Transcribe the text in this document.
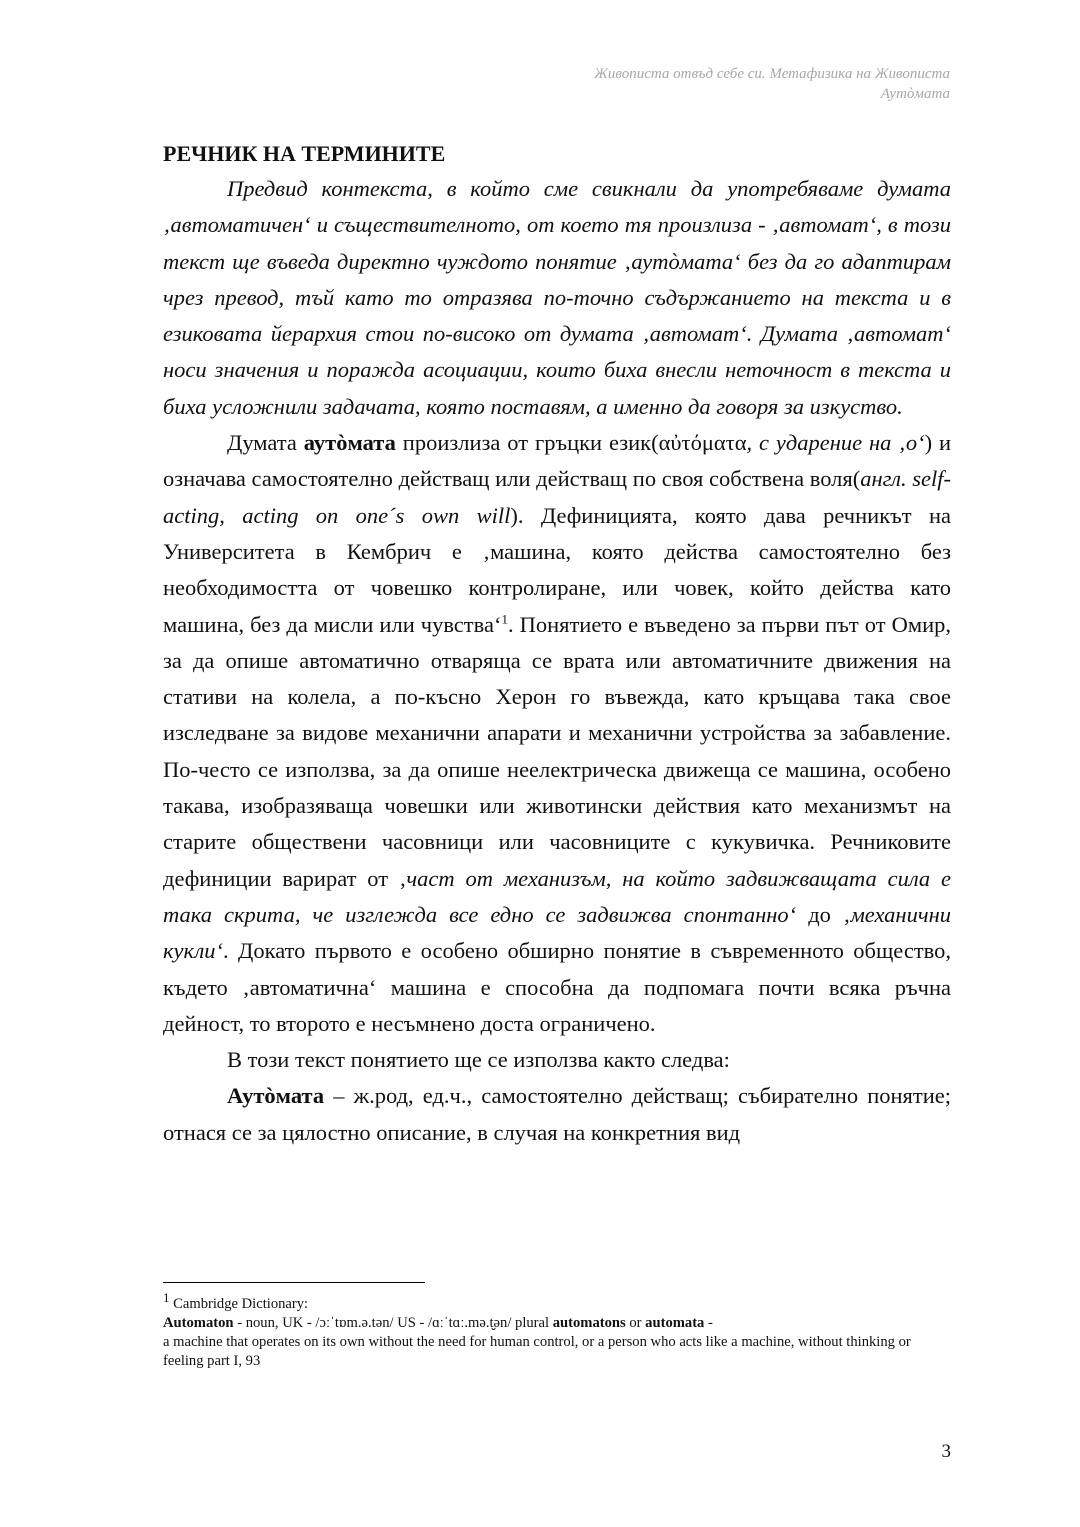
Живописта отвъд себе си. Метафизика на Живописта
Аутòмата
РЕЧНИК НА ТЕРМИНИТЕ

Предвид контекста, в който сме свикнали да употребяваме думата ‚автоматичен‘ и съществителното, от което тя произлиза - ‚автомат‘, в този текст ще въведа директно чуждото понятие ‚аутòмата‘ без да го адаптирам чрез превод, тъй като то отразява по-точно съдържанието на текста и в езиковата йерархия стои по-високо от думата ‚автомат‘. Думата ‚автомат‘ носи значения и поражда асоциации, които биха внесли неточност в текста и биха усложнили задачата, която поставям, а именно да говоря за изкуство.

Думата аутòмата произлиза от гръцки език(αὐτόματα, с ударение на ‚о‘) и означава самостоятелно действащ или действащ по своя собствена воля(англ. self-acting, acting on one´s own will). Дефиницията, която дава речникът на Университета в Кембрич е ‚машина, която действа самостоятелно без необходимостта от човешко контролиране, или човек, който действа като машина, без да мисли или чувства‘$^1$. Понятието е въведено за първи път от Омир, за да опише автоматично отваряща се врата или автоматичните движения на стативи на колела, а по-късно Херон го въвежда, като кръщава така свое изследване за видове механични апарати и механични устройства за забавление. По-често се използва, за да опише неелектрическа движеща се машина, особено такава, изобразяваща човешки или животински действия като механизмът на старите обществени часовници или часовниците с кукувичка. Речниковите дефиниции варират от ‚част от механизъм, на който задвижващата сила е така скрита, че изглежда все едно се задвижва спонтанно‘ до ‚механични кукли‘. Докато първото е особено обширно понятие в съвременното общество, където ‚автоматична‘ машина е способна да подпомага почти всяка ръчна дейност, то второто е несъмнено доста ограничено.

В този текст понятието ще се използва както следва:

Аутòмата – ж.род, ед.ч., самостоятелно действащ; събирателно понятие; отнася се за цялостно описание, в случая на конкретния вид

$^1$ Cambridge Dictionary:
Automaton - noun, UK - /ɔːˈtɒm.ə.tən/ US - /ɑːˈtɑː.mə.t̬ən/ plural automatons or automata -
a machine that operates on its own without the need for human control, or a person who acts like a machine, without thinking or feeling part I, 93
3
